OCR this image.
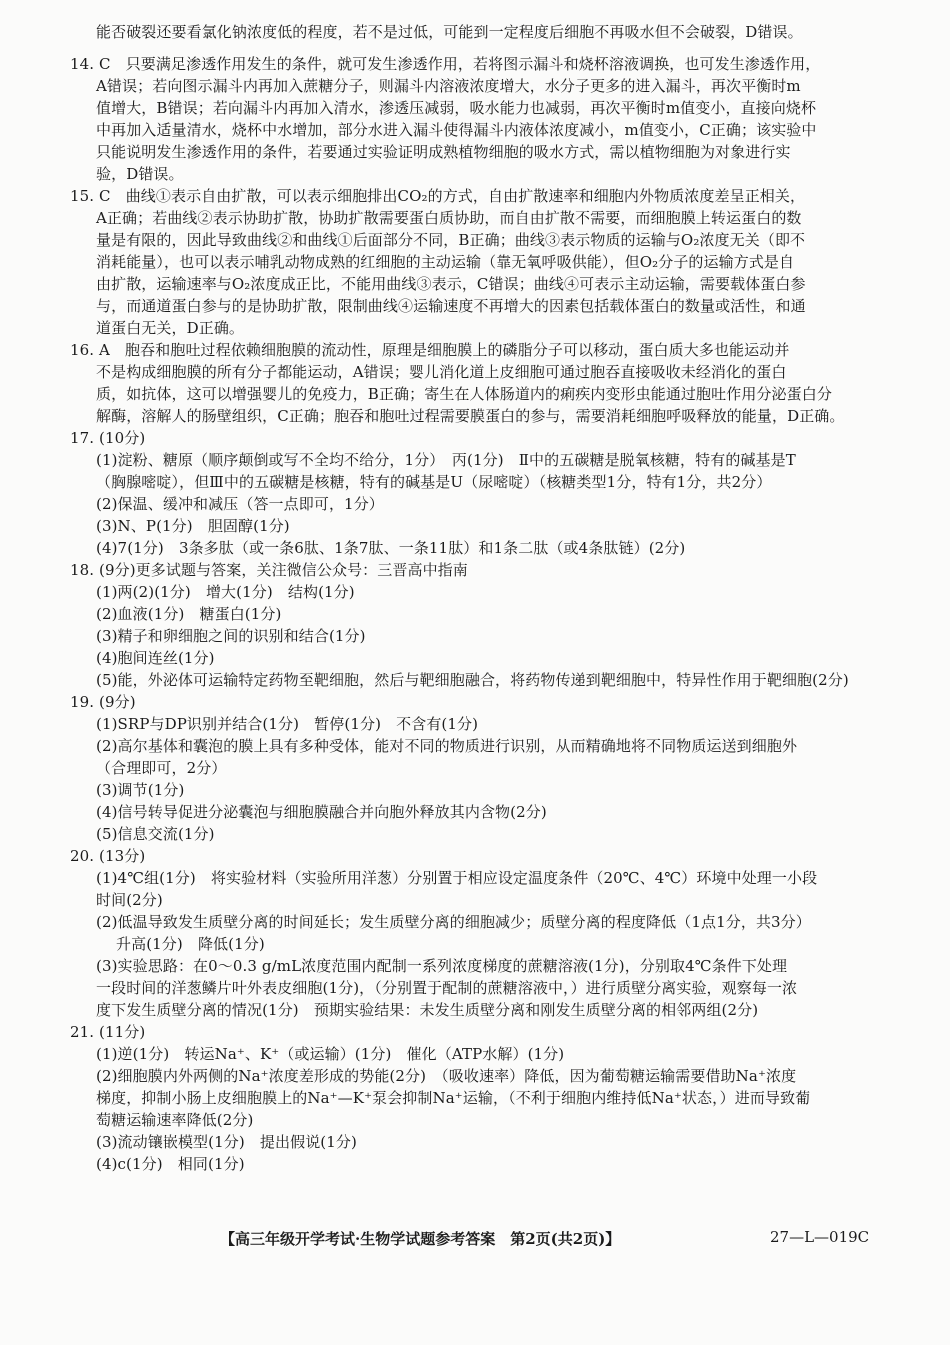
能否破裂还要看氯化钠浓度低的程度，若不是过低，可能到一定程度后细胞不再吸水但不会破裂，D错误。
14. C　只要满足渗透作用发生的条件，就可发生渗透作用，若将图示漏斗和烧杯溶液调换，也可发生渗透作用，
A错误；若向图示漏斗内再加入蔗糖分子，则漏斗内溶液浓度增大，水分子更多的进入漏斗，再次平衡时m
值增大，B错误；若向漏斗内再加入清水，渗透压减弱，吸水能力也减弱，再次平衡时m值变小，直接向烧杯
中再加入适量清水，烧杯中水增加，部分水进入漏斗使得漏斗内液体浓度减小，m值变小，C正确；该实验中
只能说明发生渗透作用的条件，若要通过实验证明成熟植物细胞的吸水方式，需以植物细胞为对象进行实
验，D错误。
15. C　曲线①表示自由扩散，可以表示细胞排出CO₂的方式，自由扩散速率和细胞内外物质浓度差呈正相关，
A正确；若曲线②表示协助扩散，协助扩散需要蛋白质协助，而自由扩散不需要，而细胞膜上转运蛋白的数
量是有限的，因此导致曲线②和曲线①后面部分不同，B正确；曲线③表示物质的运输与O₂浓度无关（即不
消耗能量），也可以表示哺乳动物成熟的红细胞的主动运输（靠无氧呼吸供能），但O₂分子的运输方式是自
由扩散，运输速率与O₂浓度成正比，不能用曲线③表示，C错误；曲线④可表示主动运输，需要载体蛋白参
与，而通道蛋白参与的是协助扩散，限制曲线④运输速度不再增大的因素包括载体蛋白的数量或活性，和通
道蛋白无关，D正确。
16. A　胞吞和胞吐过程依赖细胞膜的流动性，原理是细胞膜上的磷脂分子可以移动，蛋白质大多也能运动并
不是构成细胞膜的所有分子都能运动，A错误；婴儿消化道上皮细胞可通过胞吞直接吸收未经消化的蛋白
质，如抗体，这可以增强婴儿的免疫力，B正确；寄生在人体肠道内的痢疾内变形虫能通过胞吐作用分泌蛋白分
解酶，溶解人的肠壁组织，C正确；胞吞和胞吐过程需要膜蛋白的参与，需要消耗细胞呼吸释放的能量，D正确。
17. (10分)
(1)淀粉、糖原（顺序颠倒或写不全均不给分，1分）　丙(1分)　Ⅱ中的五碳糖是脱氧核糖，特有的碱基是T
（胸腺嘧啶），但Ⅲ中的五碳糖是核糖，特有的碱基是U（尿嘧啶）（核糖类型1分，特有1分，共2分）
(2)保温、缓冲和减压（答一点即可，1分）
(3)N、P(1分)　胆固醇(1分)
(4)7(1分)　3条多肽（或一条6肽、1条7肽、一条11肽）和1条二肽（或4条肽链）(2分)
18. (9分)更多试题与答案，关注微信公众号：三晋高中指南
(1)两(2)(1分)　增大(1分)　结构(1分)
(2)血液(1分)　糖蛋白(1分)
(3)精子和卵细胞之间的识别和结合(1分)
(4)胞间连丝(1分)
(5)能，外泌体可运输特定药物至靶细胞，然后与靶细胞融合，将药物传递到靶细胞中，特异性作用于靶细胞(2分)
19. (9分)
(1)SRP与DP识别并结合(1分)　暂停(1分)　不含有(1分)
(2)高尔基体和囊泡的膜上具有多种受体，能对不同的物质进行识别，从而精确地将不同物质运送到细胞外
（合理即可，2分）
(3)调节(1分)
(4)信号转导促进分泌囊泡与细胞膜融合并向胞外释放其内含物(2分)
(5)信息交流(1分)
20. (13分)
(1)4℃组(1分)　将实验材料（实验所用洋葱）分别置于相应设定温度条件（20℃、4℃）环境中处理一小段
时间(2分)
(2)低温导致发生质壁分离的时间延长；发生质壁分离的细胞减少；质壁分离的程度降低（1点1分，共3分）
升高(1分)　降低(1分)
(3)实验思路：在0～0.3 g/mL浓度范围内配制一系列浓度梯度的蔗糖溶液(1分)，分别取4℃条件下处理
一段时间的洋葱鳞片叶外表皮细胞(1分)，（分别置于配制的蔗糖溶液中，）进行质壁分离实验，观察每一浓
度下发生质壁分离的情况(1分)　预期实验结果：未发生质壁分离和刚发生质壁分离的相邻两组(2分)
21. (11分)
(1)逆(1分)　转运Na⁺、K⁺（或运输）(1分)　催化（ATP水解）(1分)
(2)细胞膜内外两侧的Na⁺浓度差形成的势能(2分)　（吸收速率）降低，因为葡萄糖运输需要借助Na⁺浓度
梯度，抑制小肠上皮细胞膜上的Na⁺—K⁺泵会抑制Na⁺运输，（不利于细胞内维持低Na⁺状态，）进而导致葡
萄糖运输速率降低(2分)
(3)流动镶嵌模型(1分)　提出假说(1分)
(4)c(1分)　相同(1分)
【高三年级开学考试·生物学试题参考答案　第2页(共2页)】	27—L—019C
